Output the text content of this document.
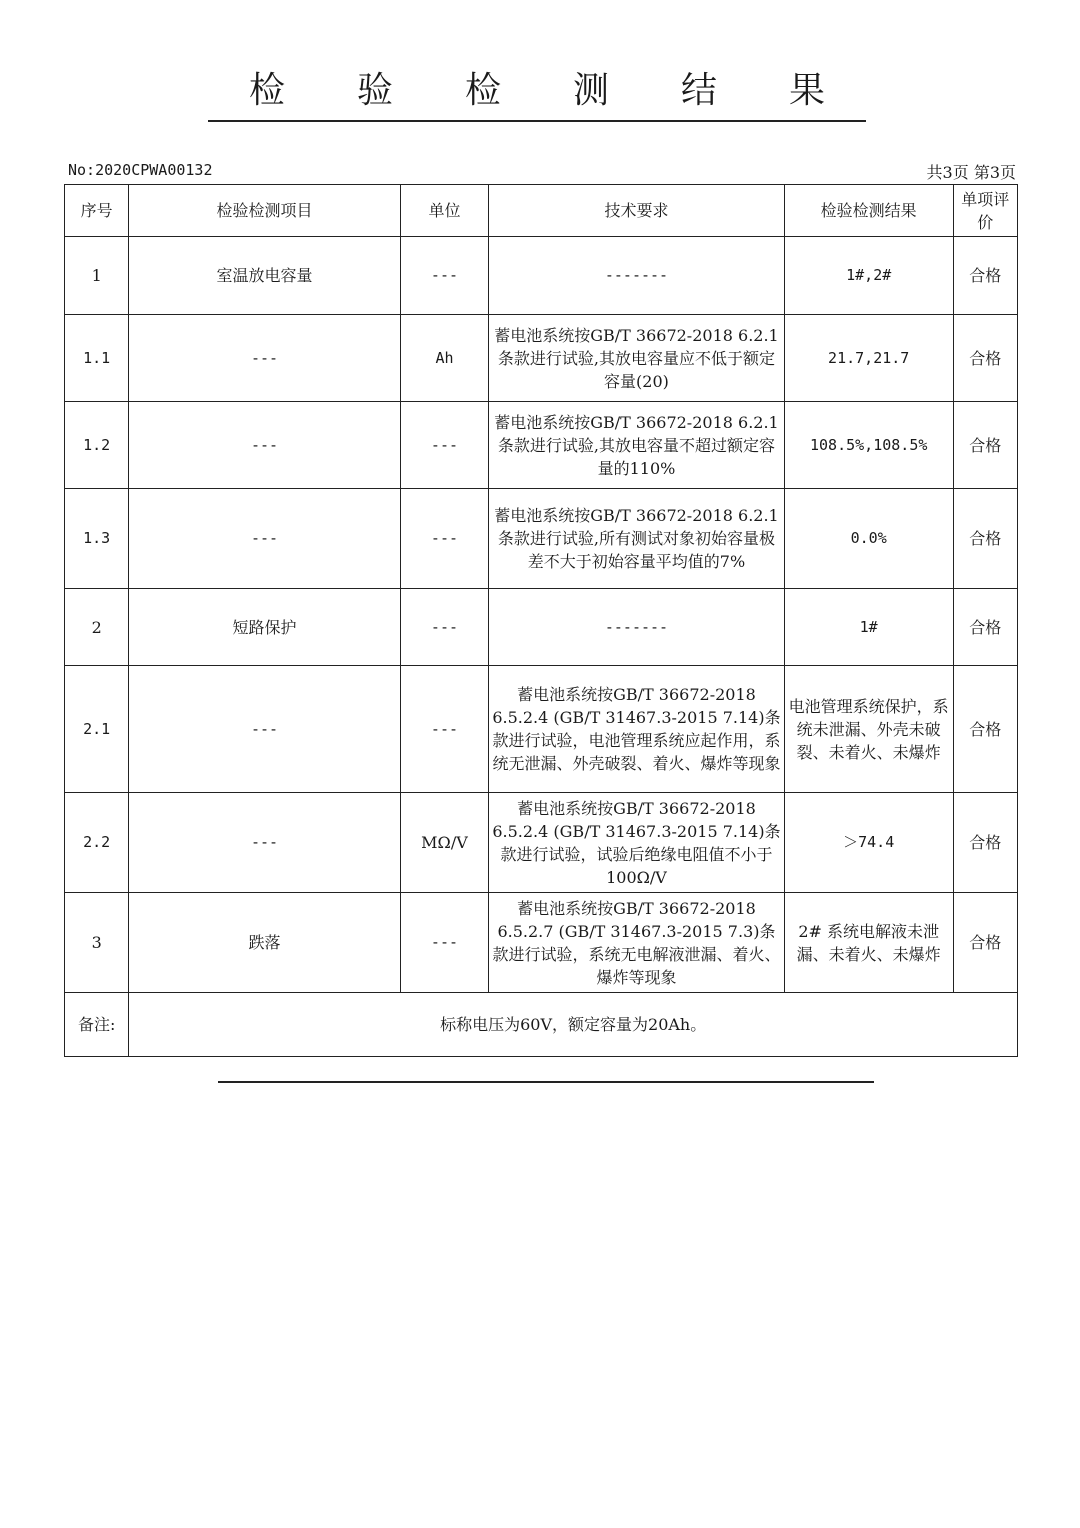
检　　验　　检　　测　　结　　果
No:2020CPWA00132	共3页 第3页
序号	检验检测项目	单位	技术要求	检验检测结果	单项评价
1	室温放电容量	---	-------	1#,2#	合格
1.1	---	Ah	蓄电池系统按GB/T 36672-2018 6.2.1条款进行试验,其放电容量应不低于额定容量(20)	21.7,21.7	合格
1.2	---	---	蓄电池系统按GB/T 36672-2018 6.2.1条款进行试验,其放电容量不超过额定容量的110%	108.5%,108.5%	合格
1.3	---	---	蓄电池系统按GB/T 36672-2018 6.2.1条款进行试验,所有测试对象初始容量极差不大于初始容量平均值的7%	0.0%	合格
2	短路保护	---	-------	1#	合格
2.1	---	---	蓄电池系统按GB/T 36672-2018 6.5.2.4 (GB/T 31467.3-2015 7.14)条款进行试验，电池管理系统应起作用，系统无泄漏、外壳破裂、着火、爆炸等现象	电池管理系统保护，系统未泄漏、外壳未破裂、未着火、未爆炸	合格
2.2	---	MΩ/V	蓄电池系统按GB/T 36672-2018 6.5.2.4 (GB/T 31467.3-2015 7.14)条款进行试验，试验后绝缘电阻值不小于100Ω/V	＞74.4	合格
3	跌落	---	蓄电池系统按GB/T 36672-2018 6.5.2.7 (GB/T 31467.3-2015 7.3)条款进行试验，系统无电解液泄漏、着火、爆炸等现象	2# 系统电解液未泄漏、未着火、未爆炸	合格
备注:	标称电压为60V，额定容量为20Ah。				
